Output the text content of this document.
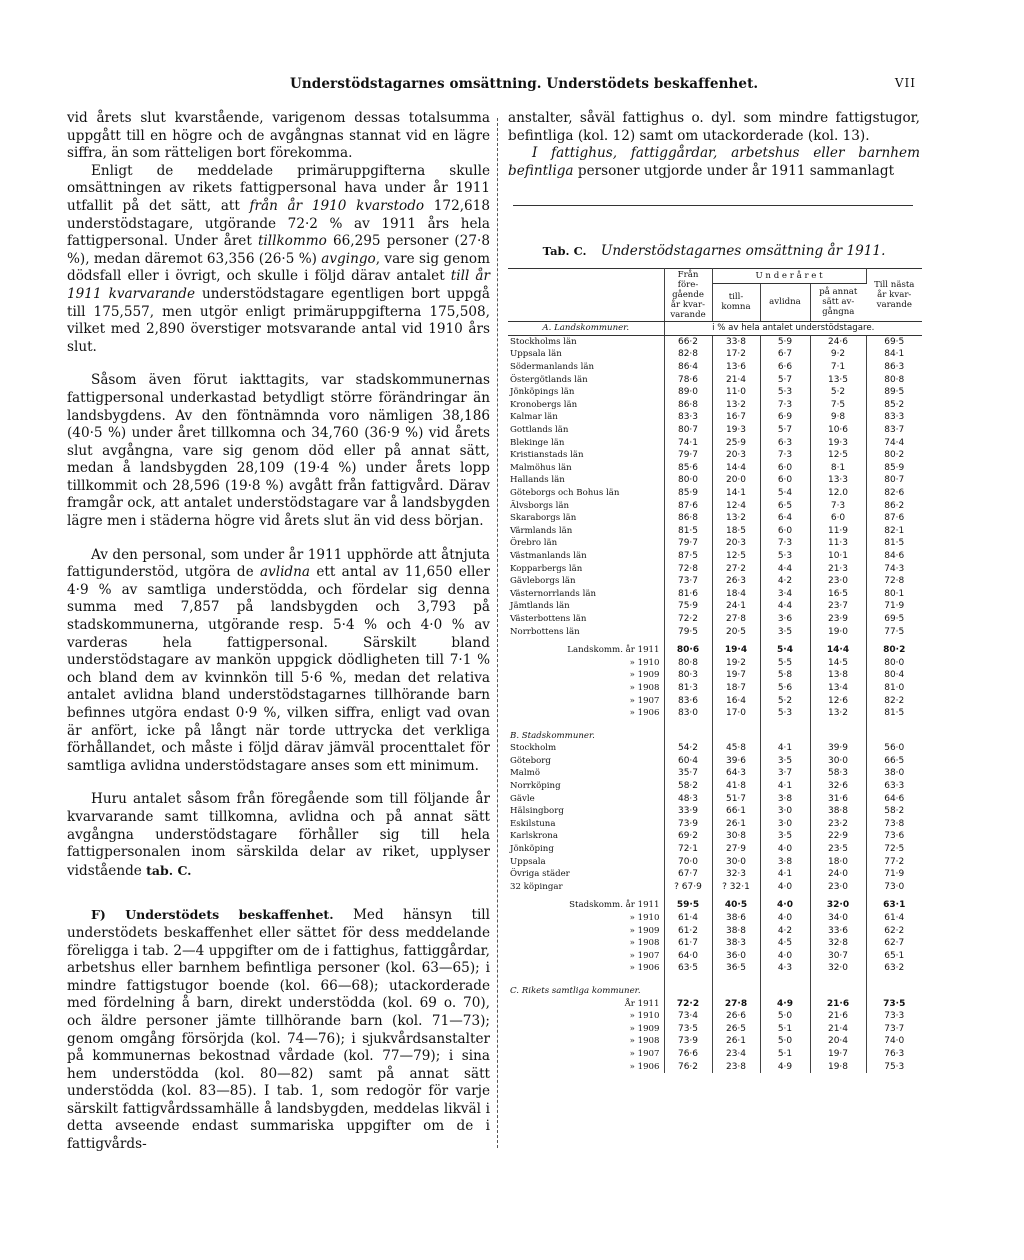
Understödstagarnes omsättning. Understödets beskaffenhet.	VII

vid årets slut kvarstående, varigenom dessas totalsumma uppgått till en högre och de avgångnas stannat vid en lägre siffra, än som rätteligen bort förekomma.

Enligt de meddelade primäruppgifterna skulle omsättningen av rikets fattigpersonal hava under år 1911 utfallit på det sätt, att från år 1910 kvarstodo 172,618 understödstagare, utgörande 72·2 % av 1911 års hela fattigpersonal. Under året tillkommo 66,295 personer (27·8 %), medan däremot 63,356 (26·5 %) avgingo, vare sig genom dödsfall eller i övrigt, och skulle i följd därav antalet till år 1911 kvarvarande understödstagare egentligen bort uppgå till 175,557, men utgör enligt primäruppgifterna 175,508, vilket med 2,890 överstiger motsvarande antal vid 1910 års slut.

Såsom även förut iakttagits, var stadskommunernas fattigpersonal underkastad betydligt större förändringar än landsbygdens. Av den föntnämnda voro nämligen 38,186 (40·5 %) under året tillkomna och 34,760 (36·9 %) vid årets slut avgångna, vare sig genom död eller på annat sätt, medan å landsbygden 28,109 (19·4 %) under årets lopp tillkommit och 28,596 (19·8 %) avgått från fattigvård. Därav framgår ock, att antalet understödstagare var å landsbygden lägre men i städerna högre vid årets slut än vid dess början.

Av den personal, som under år 1911 upphörde att åtnjuta fattigunderstöd, utgöra de avlidna ett antal av 11,650 eller 4·9 % av samtliga understödda, och fördelar sig denna summa med 7,857 på landsbygden och 3,793 på stadskommunerna, utgörande resp. 5·4 % och 4·0 % av varderas hela fattigpersonal. Särskilt bland understödstagare av mankön uppgick dödligheten till 7·1 % och bland dem av kvinnkön till 5·6 %, medan det relativa antalet avlidna bland understödstagarnes tillhörande barn befinnes utgöra endast 0·9 %, vilken siffra, enligt vad ovan är anfört, icke på långt när torde uttrycka det verkliga förhållandet, och måste i följd därav jämväl procenttalet för samtliga avlidna understödstagare anses som ett minimum.

Huru antalet såsom från föregående som till följande år kvarvarande samt tillkomna, avlidna och på annat sätt avgångna understödstagare förhåller sig till hela fattigpersonalen inom särskilda delar av riket, upplyser vidstående tab. C.

F) Understödets beskaffenhet. Med hänsyn till understödets beskaffenhet eller sättet för dess meddelande föreligga i tab. 2—4 uppgifter om de i fattighus, fattiggårdar, arbetshus eller barnhem befintliga personer (kol. 63—65); i mindre fattigstugor boende (kol. 66—68); utackorderade med fördelning å barn, direkt understödda (kol. 69 o. 70), och äldre personer jämte tillhörande barn (kol. 71—73); genom omgång försörjda (kol. 74—76); i sjukvårdsanstalter på kommunernas bekostnad vårdade (kol. 77—79); i sina hem understödda (kol. 80—82) samt på annat sätt understödda (kol. 83—85). I tab. 1, som redogör för varje särskilt fattigvårdssamhälle å landsbygden, meddelas likväl i detta avseende endast summariska uppgifter om de i fattigvårds-

anstalter, såväl fattighus o. dyl. som mindre fattigstugor, befintliga (kol. 12) samt om utackorderade (kol. 13).

I fattighus, fattiggårdar, arbetshus eller barnhem befintliga personer utgjorde under år 1911 sammanlagt

Tab. C. Understödstagarnes omsättning år 1911.
	Från före-gående år kvar-varande	U n d e r å r e t			Till nästa år kvar-varande
		till-komna	avlidna	på annat sätt av-gångna	
A. Landskommuner.	i % av hela antalet understödstagare.				
Stockholms län	66·2	33·8	5·9	24·6	69·5
Uppsala län	82·8	17·2	6·7	9·2	84·1
Södermanlands län	86·4	13·6	6·6	7·1	86·3
Östergötlands län	78·6	21·4	5·7	13·5	80·8
Jönköpings län	89·0	11·0	5·3	5·2	89·5
Kronobergs län	86·8	13·2	7·3	7·5	85·2
Kalmar län	83·3	16·7	6·9	9·8	83·3
Gottlands län	80·7	19·3	5·7	10·6	83·7
Blekinge län	74·1	25·9	6·3	19·3	74·4
Kristianstads län	79·7	20·3	7·3	12·5	80·2
Malmöhus län	85·6	14·4	6·0	8·1	85·9
Hallands län	80·0	20·0	6·0	13·3	80·7
Göteborgs och Bohus län	85·9	14·1	5·4	12.0	82·6
Älvsborgs län	87·6	12·4	6·5	7·3	86·2
Skaraborgs län	86·8	13·2	6·4	6·0	87·6
Värmlands län	81·5	18·5	6·0	11·9	82·1
Örebro län	79·7	20·3	7·3	11·3	81·5
Västmanlands län	87·5	12·5	5·3	10·1	84·6
Kopparbergs län	72·8	27·2	4·4	21·3	74·3
Gävleborgs län	73·7	26·3	4·2	23·0	72·8
Västernorrlands län	81·6	18·4	3·4	16·5	80·1
Jämtlands län	75·9	24·1	4·4	23·7	71·9
Västerbottens län	72·2	27·8	3·6	23·9	69·5
Norrbottens län	79·5	20·5	3·5	19·0	77·5

Landskomm. år 1911	80·6	19·4	5·4	14·4	80·2
» 1910	80·8	19·2	5·5	14·5	80·0
» 1909	80·3	19·7	5·8	13·8	80·4
» 1908	81·3	18·7	5·6	13·4	81·0
» 1907	83·6	16·4	5·2	12·6	82·2
» 1906	83·0	17·0	5·3	13·2	81·5

B. Stadskommuner.					
Stockholm	54·2	45·8	4·1	39·9	56·0
Göteborg	60·4	39·6	3·5	30·0	66·5
Malmö	35·7	64·3	3·7	58·3	38·0
Norrköping	58·2	41·8	4·1	32·6	63·3
Gävle	48·3	51·7	3·8	31·6	64·6
Hälsingborg	33·9	66·1	3·0	38·8	58·2
Eskilstuna	73·9	26·1	3·0	23·2	73·8
Karlskrona	69·2	30·8	3·5	22·9	73·6
Jönköping	72·1	27·9	4·0	23·5	72·5
Uppsala	70·0	30·0	3·8	18·0	77·2
Övriga städer	67·7	32·3	4·1	24·0	71·9
32 köpingar	? 67·9	? 32·1	4·0	23·0	73·0

Stadskomm. år 1911	59·5	40·5	4·0	32·0	63·1
» 1910	61·4	38·6	4·0	34·0	61·4
» 1909	61·2	38·8	4·2	33·6	62·2
» 1908	61·7	38·3	4·5	32·8	62·7
» 1907	64·0	36·0	4·0	30·7	65·1
» 1906	63·5	36·5	4·3	32·0	63·2

C. Rikets samtliga kommuner.					
År 1911	72·2	27·8	4·9	21·6	73·5
» 1910	73·4	26·6	5·0	21·6	73·3
» 1909	73·5	26·5	5·1	21·4	73·7
» 1908	73·9	26·1	5·0	20·4	74·0
» 1907	76·6	23·4	5·1	19·7	76·3
» 1906	76·2	23·8	4·9	19·8	75·3
